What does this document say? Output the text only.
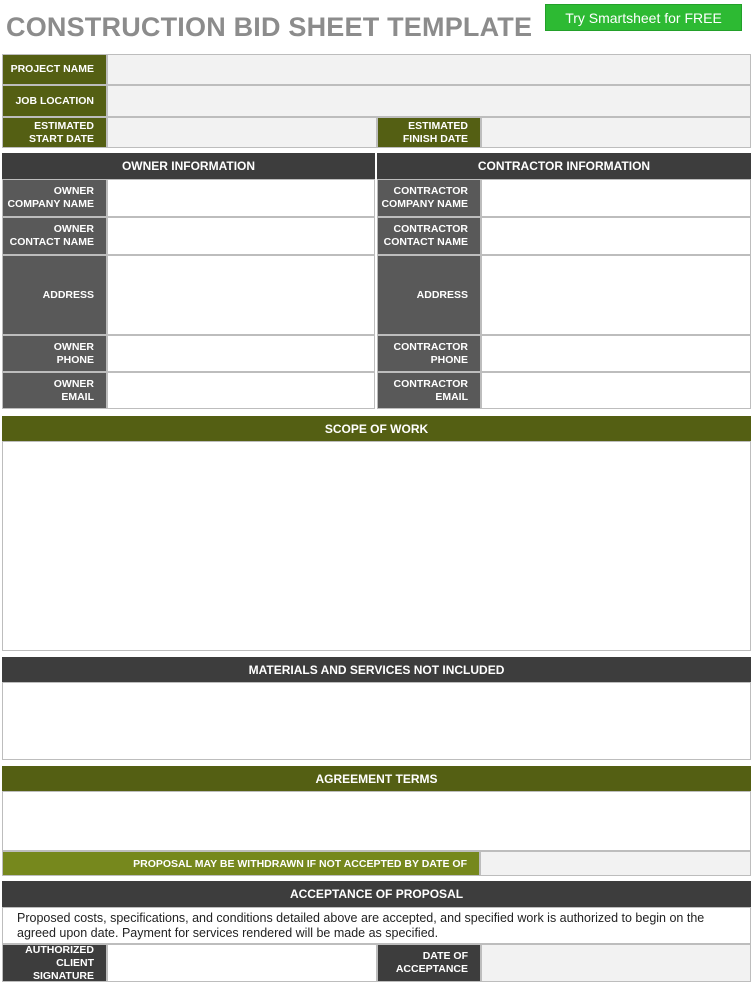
CONSTRUCTION BID SHEET TEMPLATE	Try Smartsheet for FREE
PROJECT NAME
JOB LOCATION
ESTIMATED
START DATE
ESTIMATED
FINISH DATE
OWNER INFORMATION
OWNER
COMPANY NAME
OWNER
CONTACT NAME
ADDRESS
OWNER
PHONE
OWNER
EMAIL
CONTRACTOR INFORMATION
CONTRACTOR
COMPANY NAME
CONTRACTOR
CONTACT NAME
ADDRESS
CONTRACTOR
PHONE
CONTRACTOR
EMAIL
SCOPE OF WORK
MATERIALS AND SERVICES NOT INCLUDED
AGREEMENT TERMS
PROPOSAL MAY BE WITHDRAWN IF NOT ACCEPTED BY DATE OF
ACCEPTANCE OF PROPOSAL
Proposed costs, specifications, and conditions detailed above are accepted, and specified work is authorized to begin on the agreed upon date. Payment for services rendered will be made as specified.
AUTHORIZED
CLIENT SIGNATURE
DATE OF
ACCEPTANCE
